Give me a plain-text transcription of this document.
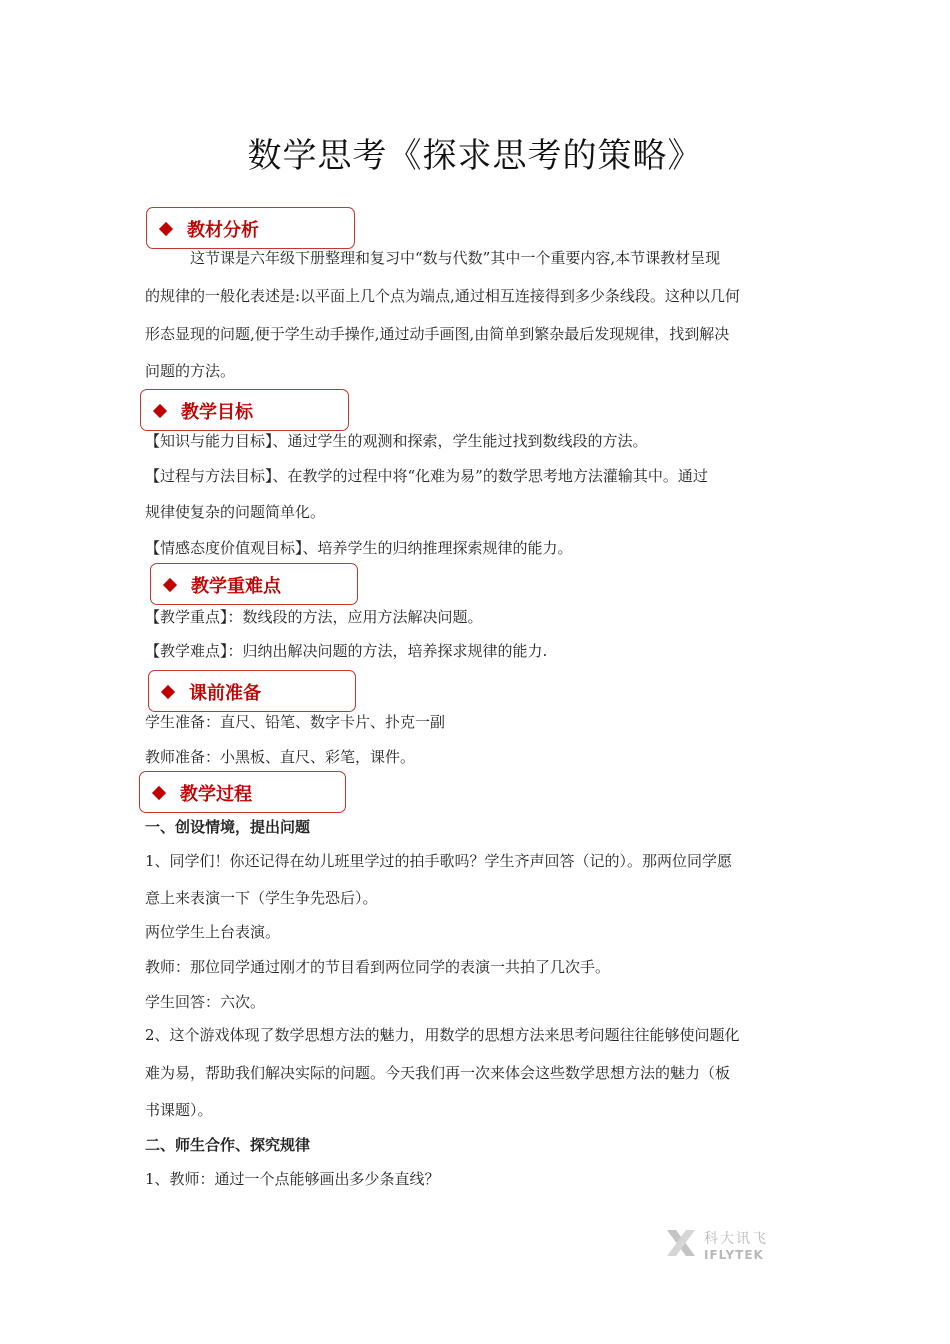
数学思考《探求思考的策略》
教材分析
这节课是六年级下册整理和复习中“数与代数”其中一个重要内容,本节课教材呈现
的规律的一般化表述是:以平面上几个点为端点,通过相互连接得到多少条线段。这种以几何
形态显现的问题,便于学生动手操作,通过动手画图,由简单到繁杂最后发现规律，找到解决
问题的方法。
教学目标
【知识与能力目标】、通过学生的观测和探索，学生能过找到数线段的方法。
【过程与方法目标】、在教学的过程中将“化难为易”的数学思考地方法灌输其中。通过
规律使复杂的问题简单化。
【情感态度价值观目标】、培养学生的归纳推理探索规律的能力。
教学重难点
【教学重点】：数线段的方法，应用方法解决问题。
【教学难点】：归纳出解决问题的方法，培养探求规律的能力.
课前准备
学生准备：直尺、铅笔、数字卡片、扑克一副
教师准备：小黑板、直尺、彩笔，课件。
教学过程
一、创设情境，提出问题
1、同学们！你还记得在幼儿班里学过的拍手歌吗？学生齐声回答（记的）。那两位同学愿
意上来表演一下（学生争先恐后）。
两位学生上台表演。
教师：那位同学通过刚才的节目看到两位同学的表演一共拍了几次手。
学生回答：六次。
2、这个游戏体现了数学思想方法的魅力，用数学的思想方法来思考问题往往能够使问题化
难为易，帮助我们解决实际的问题。今天我们再一次来体会这些数学思想方法的魅力（板
书课题）。
二、师生合作、探究规律
1、教师：通过一个点能够画出多少条直线？
科大讯飞
IFLYTEK
